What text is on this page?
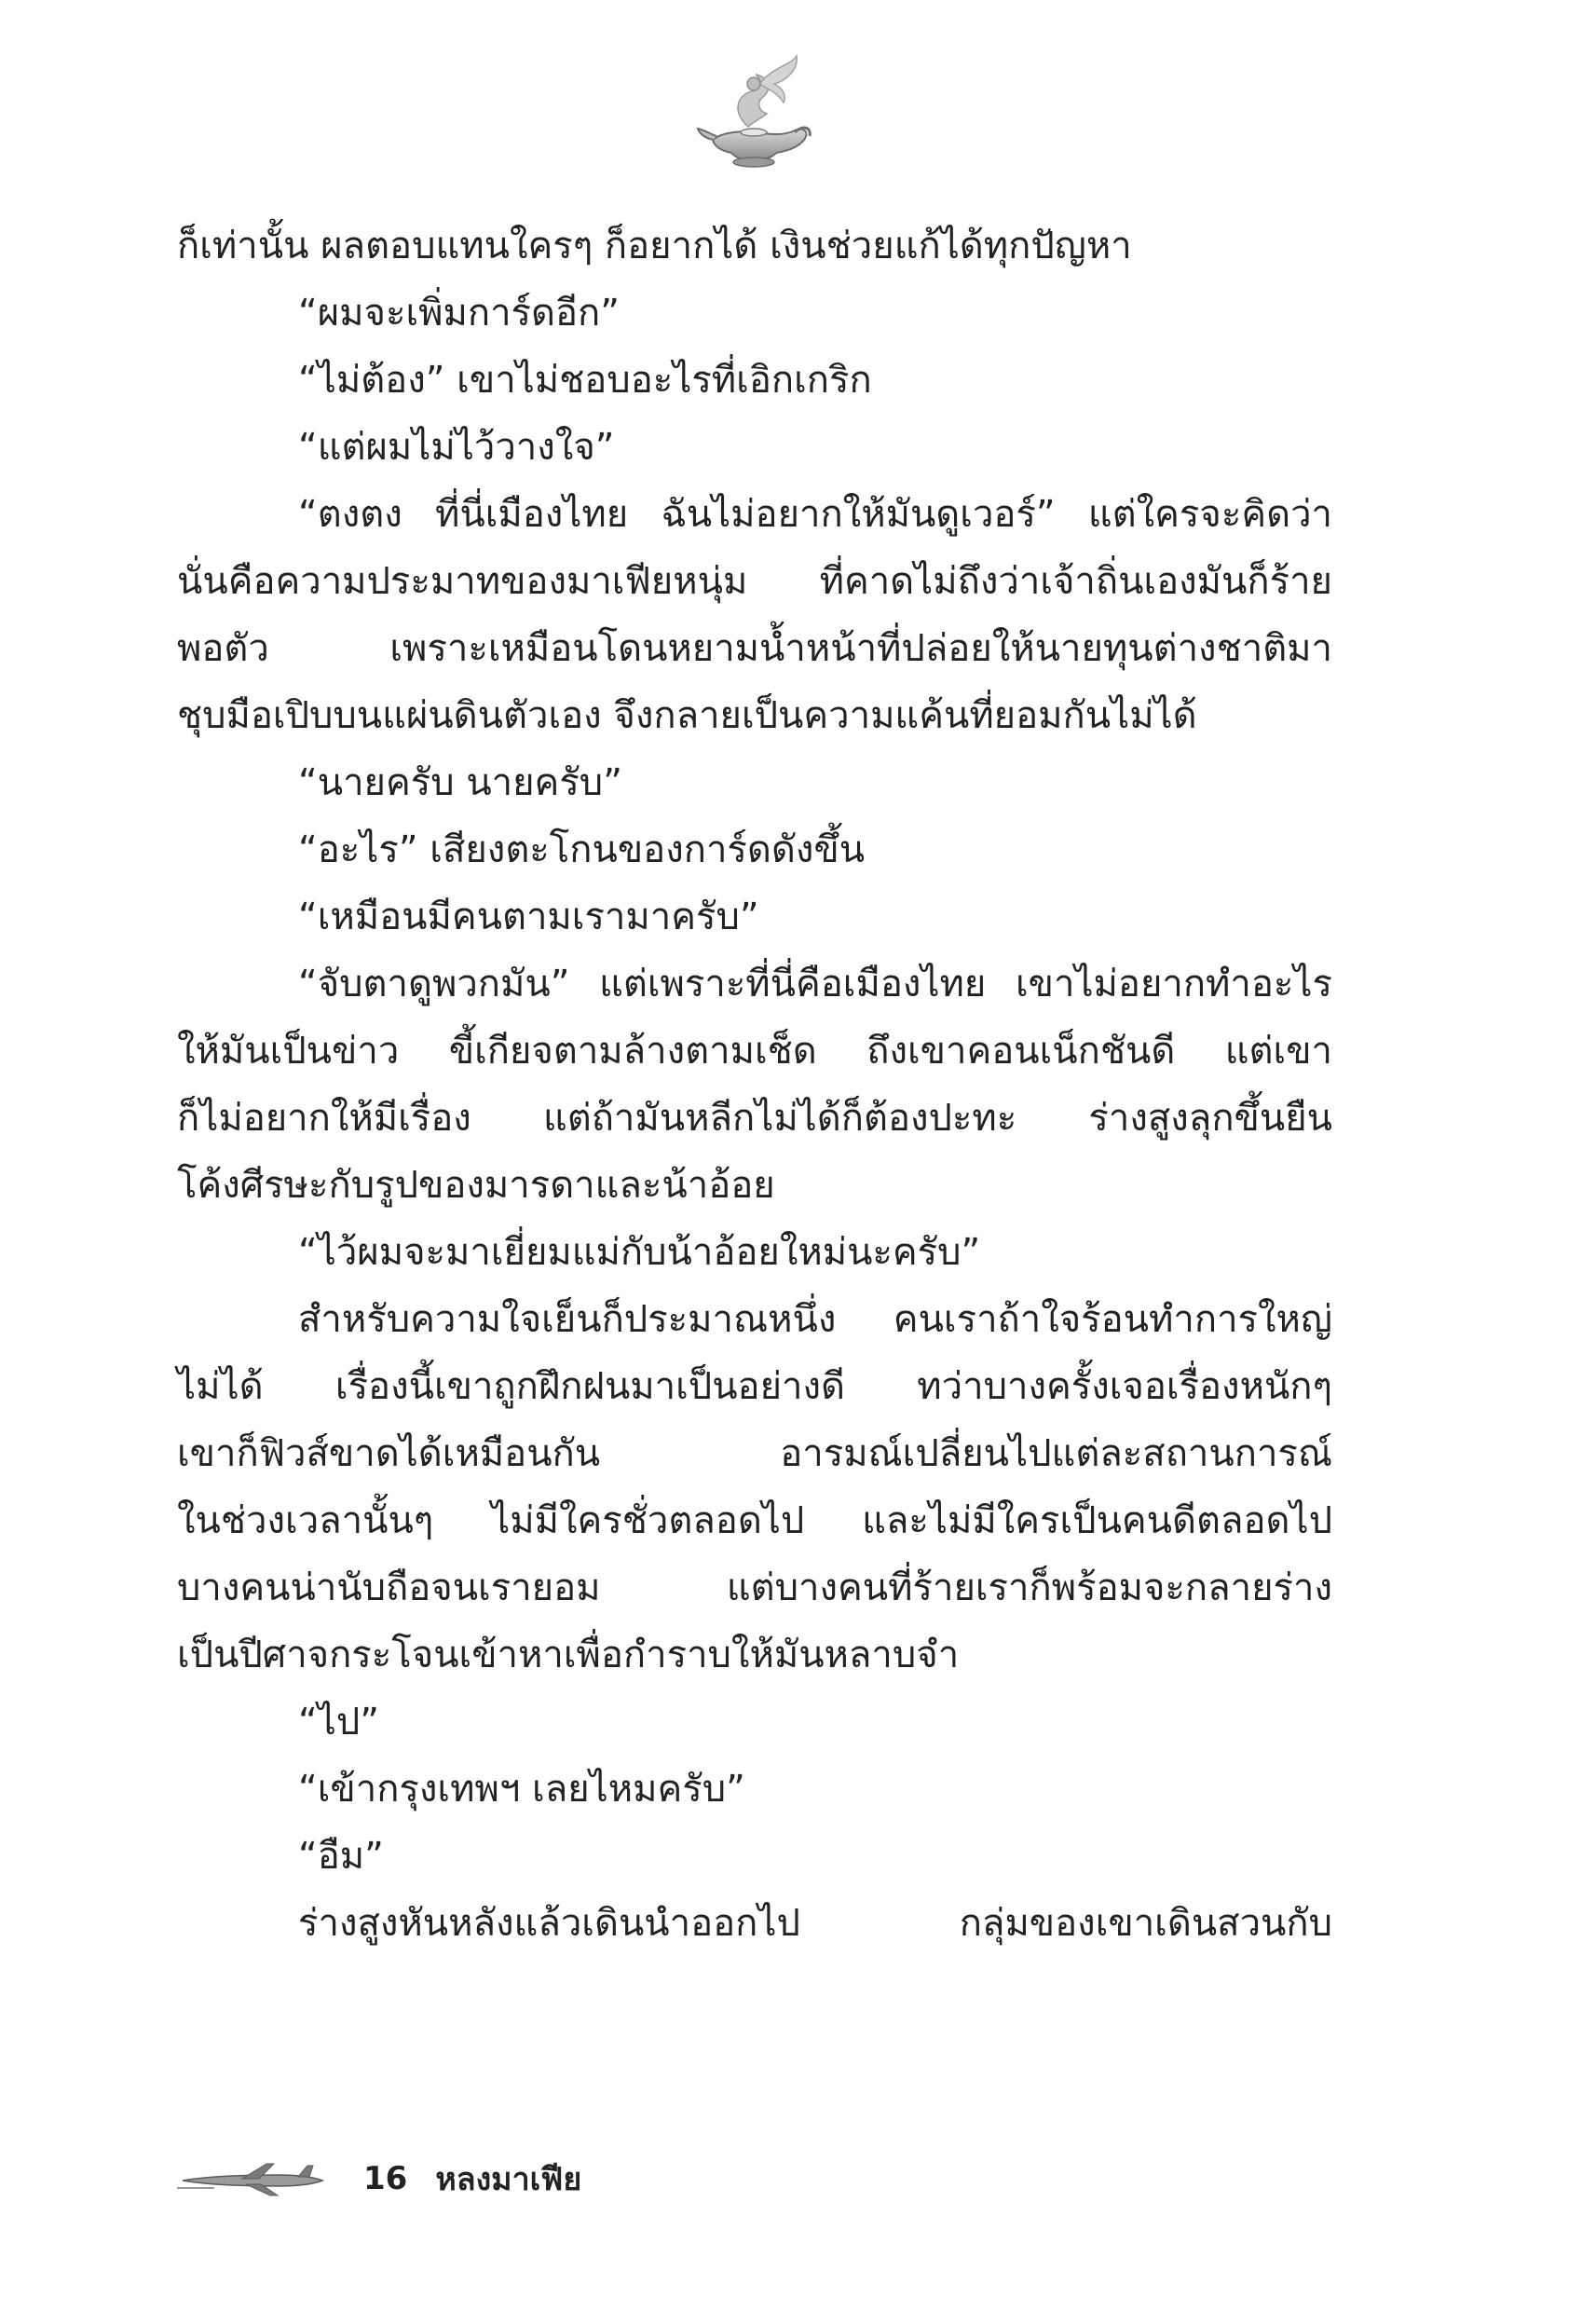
ก็เท่านั้น ผลตอบแทนใครๆ ก็อยากได้ เงินช่วยแก้ได้ทุกปัญหา
“ผมจะเพิ่มการ์ดอีก”
“ไม่ต้อง” เขาไม่ชอบอะไรที่เอิกเกริก
“แต่ผมไม่ไว้วางใจ”
“ตงตง ที่นี่เมืองไทย ฉันไม่อยากให้มันดูเวอร์” แต่ใครจะคิดว่า
นั่นคือความประมาทของมาเฟียหนุ่ม ที่คาดไม่ถึงว่าเจ้าถิ่นเองมันก็ร้าย
พอตัว เพราะเหมือนโดนหยามน้ำหน้าที่ปล่อยให้นายทุนต่างชาติมา
ชุบมือเปิบบนแผ่นดินตัวเอง จึงกลายเป็นความแค้นที่ยอมกันไม่ได้
“นายครับ นายครับ”
“อะไร” เสียงตะโกนของการ์ดดังขึ้น
“เหมือนมีคนตามเรามาครับ”
“จับตาดูพวกมัน” แต่เพราะที่นี่คือเมืองไทย เขาไม่อยากทำอะไร
ให้มันเป็นข่าว ขี้เกียจตามล้างตามเช็ด ถึงเขาคอนเน็กชันดี แต่เขา
ก็ไม่อยากให้มีเรื่อง แต่ถ้ามันหลีกไม่ได้ก็ต้องปะทะ ร่างสูงลุกขึ้นยืน
โค้งศีรษะกับรูปของมารดาและน้าอ้อย
“ไว้ผมจะมาเยี่ยมแม่กับน้าอ้อยใหม่นะครับ”
สำหรับความใจเย็นก็ประมาณหนึ่ง คนเราถ้าใจร้อนทำการใหญ่
ไม่ได้ เรื่องนี้เขาถูกฝึกฝนมาเป็นอย่างดี ทว่าบางครั้งเจอเรื่องหนักๆ
เขาก็ฟิวส์ขาดได้เหมือนกัน อารมณ์เปลี่ยนไปแต่ละสถานการณ์
ในช่วงเวลานั้นๆ ไม่มีใครชั่วตลอดไป และไม่มีใครเป็นคนดีตลอดไป
บางคนน่านับถือจนเรายอม แต่บางคนที่ร้ายเราก็พร้อมจะกลายร่าง
เป็นปีศาจกระโจนเข้าหาเพื่อกำราบให้มันหลาบจำ
“ไป”
“เข้ากรุงเทพฯ เลยไหมครับ”
“อืม”
ร่างสูงหันหลังแล้วเดินนำออกไป กลุ่มของเขาเดินสวนกับ
16 หลงมาเฟีย
